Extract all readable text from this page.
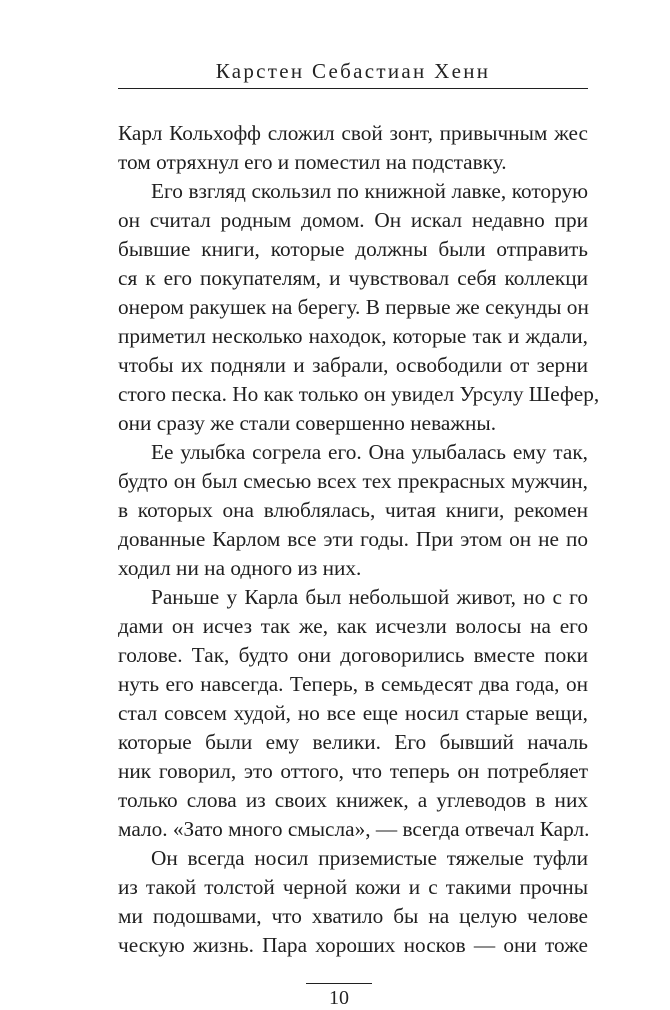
Карстен Себастиан Хенн
Карл Кольхофф сложил свой зонт, привычным жес
том отряхнул его и поместил на подставку.
Его взгляд скользил по книжной лавке, которую
он считал родным домом. Он искал недавно при
бывшие книги, которые должны были отправить
ся к его покупателям, и чувствовал себя коллекци
онером ракушек на берегу. В первые же секунды он
приметил несколько находок, которые так и ждали,
чтобы их подняли и забрали, освободили от зерни
стого песка. Но как только он увидел Урсулу Шефер,
они сразу же стали совершенно неважны.
Ее улыбка согрела его. Она улыбалась ему так,
будто он был смесью всех тех прекрасных мужчин,
в которых она влюблялась, читая книги, рекомен
дованные Карлом все эти годы. При этом он не по
ходил ни на одного из них.
Раньше у Карла был небольшой живот, но с го
дами он исчез так же, как исчезли волосы на его
голове. Так, будто они договорились вместе поки
нуть его навсегда. Теперь, в семьдесят два года, он
стал совсем худой, но все еще носил старые вещи,
которые были ему велики. Его бывший началь
ник говорил, это оттого, что теперь он потребляет
только слова из своих книжек, а углеводов в них
мало. «Зато много смысла», — всегда отвечал Карл.
Он всегда носил приземистые тяжелые туфли
из такой толстой черной кожи и с такими прочны
ми подошвами, что хватило бы на целую челове
ческую жизнь. Пара хороших носков — они тоже
10
